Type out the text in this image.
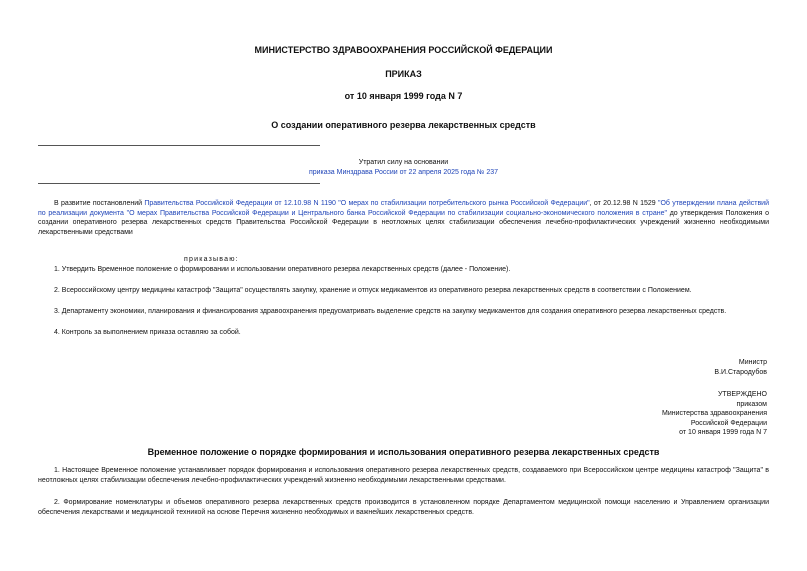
МИНИСТЕРСТВО ЗДРАВООХРАНЕНИЯ РОССИЙСКОЙ ФЕДЕРАЦИИ
ПРИКАЗ
от 10 января 1999 года N 7
О создании оперативного резерва лекарственных средств
Утратил силу на основании
приказа Минздрава России от 22 апреля 2025 года № 237
В развитие постановлений Правительства Российской Федерации от 12.10.98 N 1190 "О мерах по стабилизации потребительского рынка Российской Федерации", от 20.12.98 N 1529 "Об утверждении плана действий по реализации документа "О мерах Правительства Российской Федерации и Центрального банка Российской Федерации по стабилизации социально-экономического положения в стране" до утверждения Положения о создании оперативного резерва лекарственных средств Правительства Российской Федерации в неотложных целях стабилизации обеспечения лечебно-профилактических учреждений жизненно необходимыми лекарственными средствами
приказываю:
1. Утвердить Временное положение о формировании и использовании оперативного резерва лекарственных средств (далее - Положение).
2. Всероссийскому центру медицины катастроф "Защита" осуществлять закупку, хранение и отпуск медикаментов из оперативного резерва лекарственных средств в соответствии с Положением.
3. Департаменту экономики, планирования и финансирования здравоохранения предусматривать выделение средств на закупку медикаментов для создания оперативного резерва лекарственных средств.
4. Контроль за выполнением приказа оставляю за собой.
Министр
В.И.Стародубов
УТВЕРЖДЕНО
приказом
Министерства здравоохранения
Российской Федерации
от 10 января 1999 года N 7
Временное положение о порядке формирования и использования оперативного резерва лекарственных средств
1. Настоящее Временное положение устанавливает порядок формирования и использования оперативного резерва лекарственных средств, создаваемого при Всероссийском центре медицины катастроф "Защита" в неотложных целях стабилизации обеспечения лечебно-профилактических учреждений жизненно необходимыми лекарственными средствами.
2. Формирование номенклатуры и объемов оперативного резерва лекарственных средств производится в установленном порядке Департаментом медицинской помощи населению и Управлением организации обеспечения лекарствами и медицинской техникой на основе Перечня жизненно необходимых и важнейших лекарственных средств.
